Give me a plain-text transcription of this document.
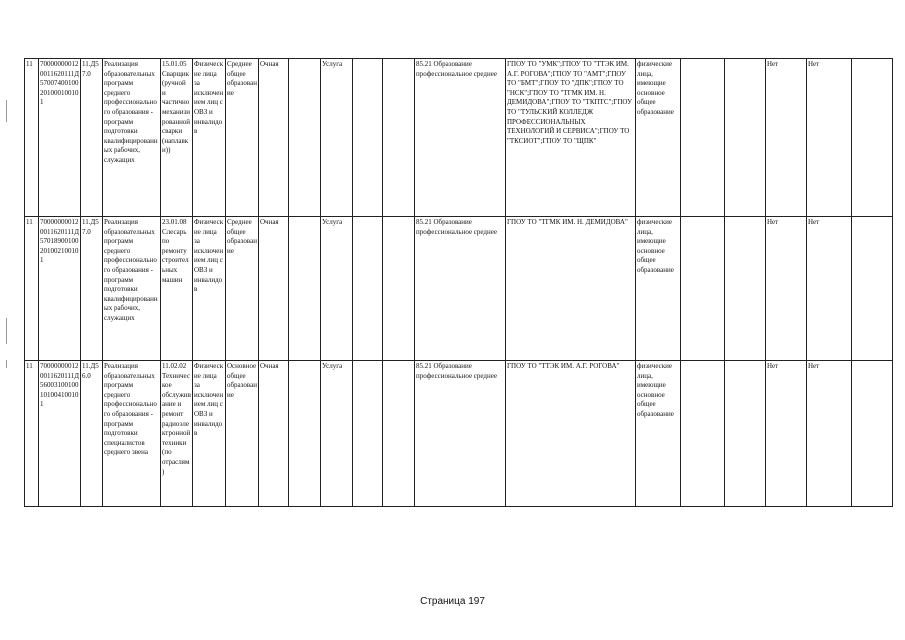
11	700000000120011620111Д57007400100201000100101	11.Д57.0	Реализация образовательных программ среднего профессионального образования - программ подготовки квалифицированных рабочих, служащих	15.01.05 Сварщик (ручной и частично механизированной сварки (наплавки))	Физические лица за исключением лиц с ОВЗ и инвалидов	Среднее общее образование	Очная		Услуга			85.21 Образование профессиональное среднее	ГПОУ ТО "УМК";ГПОУ ТО "ТТЭК ИМ. А.Г. РОГОВА";ГПОУ ТО "АМТ";ГПОУ ТО "БМТ";ГПОУ ТО "ДПК";ГПОУ ТО "НСК";ГПОУ ТО "ТГМК ИМ. Н. ДЕМИДОВА";ГПОУ ТО "ТКПТС";ГПОУ ТО "ТУЛЬСКИЙ КОЛЛЕДЖ ПРОФЕССИОНАЛЬНЫХ ТЕХНОЛОГИЙ И СЕРВИСА";ГПОУ ТО "ТКСИОТ";ГПОУ ТО "ЩПК"	физические лица, имеющие основное общее образование			Нет	Нет	
11	700000000120011620111Д57018900100201002100101	11.Д57.0	Реализация образовательных программ среднего профессионального образования - программ подготовки квалифицированных рабочих, служащих	23.01.08 Слесарь по ремонту строительных машин	Физические лица за исключением лиц с ОВЗ и инвалидов	Среднее общее образование	Очная		Услуга			85.21 Образование профессиональное среднее	ГПОУ ТО "ТГМК ИМ. Н. ДЕМИДОВА"	физические лица, имеющие основное общее образование			Нет	Нет	
11	700000000120011620111Д56003100100101004100101	11.Д56.0	Реализация образовательных программ среднего профессионального образования - программ подготовки специалистов среднего звена	11.02.02 Техническое обслуживание и ремонт радиоэлектронной техники (по отраслям)	Физические лица за исключением лиц с ОВЗ и инвалидов	Основное общее образование	Очная		Услуга			85.21 Образование профессиональное среднее	ГПОУ ТО "ТТЭК ИМ. А.Г. РОГОВА"	физические лица, имеющие основное общее образование			Нет	Нет	
Страница 197
